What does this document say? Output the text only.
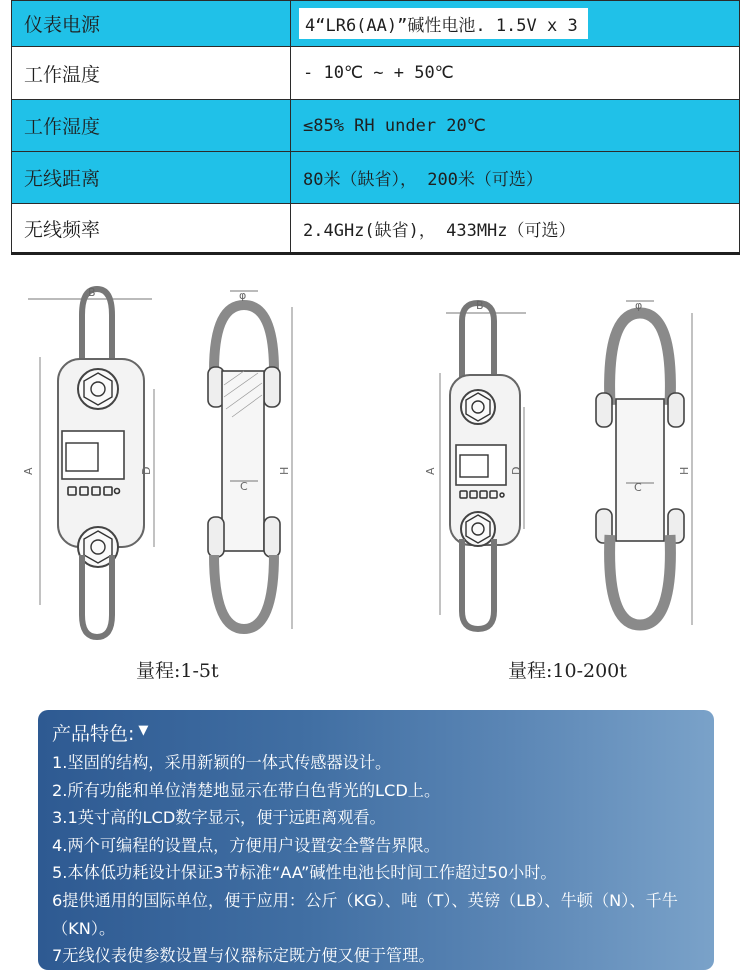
仪表电源	4“LR6(AA)”碱性电池. 1.5V x 3
工作温度	- 10℃ ~ + 50℃
工作湿度	≤85% RH under 20℃
无线距离	80米（缺省）， 200米（可选）
无线频率	2.4GHz(缺省)， 433MHz（可选）
B
A	D
φ
H
C
量程:1-5t
B
A	D
φ
H
C
量程:10-200t
产品特色: ▼
1.坚固的结构，采用新颖的一体式传感器设计。
2.所有功能和单位清楚地显示在带白色背光的LCD上。
3.1英寸高的LCD数字显示，便于远距离观看。
4.两个可编程的设置点，方便用户设置安全警告界限。
5.本体低功耗设计保证3节标准“AA”碱性电池长时间工作超过50小时。
6提供通用的国际单位，便于应用：公斤（KG）、吨（T）、英镑（LB）、牛顿（N）、千牛（KN）。
7无线仪表使参数设置与仪器标定既方便又便于管理。
